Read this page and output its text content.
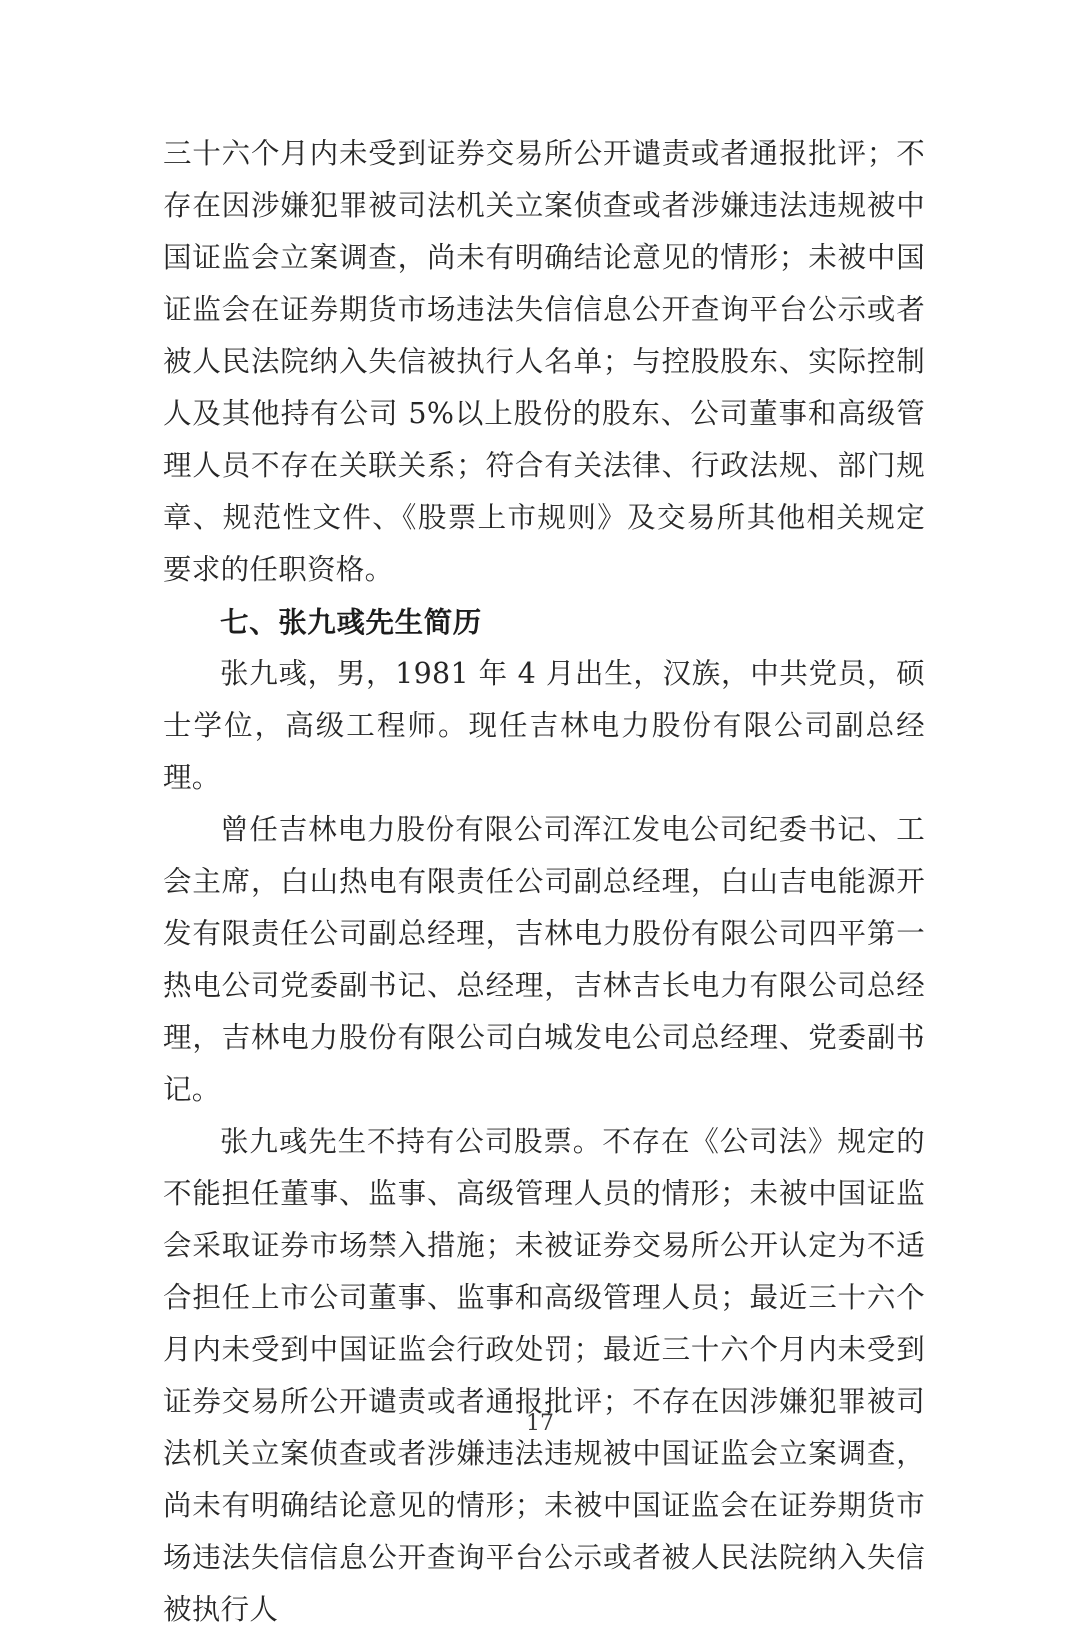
三十六个月内未受到证券交易所公开谴责或者通报批评；不存在因涉嫌犯罪被司法机关立案侦查或者涉嫌违法违规被中国证监会立案调查，尚未有明确结论意见的情形；未被中国证监会在证券期货市场违法失信信息公开查询平台公示或者被人民法院纳入失信被执行人名单；与控股股东、实际控制人及其他持有公司 5%以上股份的股东、公司董事和高级管理人员不存在关联关系；符合有关法律、行政法规、部门规章、规范性文件、《股票上市规则》及交易所其他相关规定要求的任职资格。

七、张九彧先生简历

张九彧，男，1981 年 4 月出生，汉族，中共党员，硕士学位，高级工程师。现任吉林电力股份有限公司副总经理。

曾任吉林电力股份有限公司浑江发电公司纪委书记、工会主席，白山热电有限责任公司副总经理，白山吉电能源开发有限责任公司副总经理，吉林电力股份有限公司四平第一热电公司党委副书记、总经理，吉林吉长电力有限公司总经理，吉林电力股份有限公司白城发电公司总经理、党委副书记。

张九彧先生不持有公司股票。不存在《公司法》规定的不能担任董事、监事、高级管理人员的情形；未被中国证监会采取证券市场禁入措施；未被证券交易所公开认定为不适合担任上市公司董事、监事和高级管理人员；最近三十六个月内未受到中国证监会行政处罚；最近三十六个月内未受到证券交易所公开谴责或者通报批评；不存在因涉嫌犯罪被司法机关立案侦查或者涉嫌违法违规被中国证监会立案调查，尚未有明确结论意见的情形；未被中国证监会在证券期货市场违法失信信息公开查询平台公示或者被人民法院纳入失信被执行人

17
